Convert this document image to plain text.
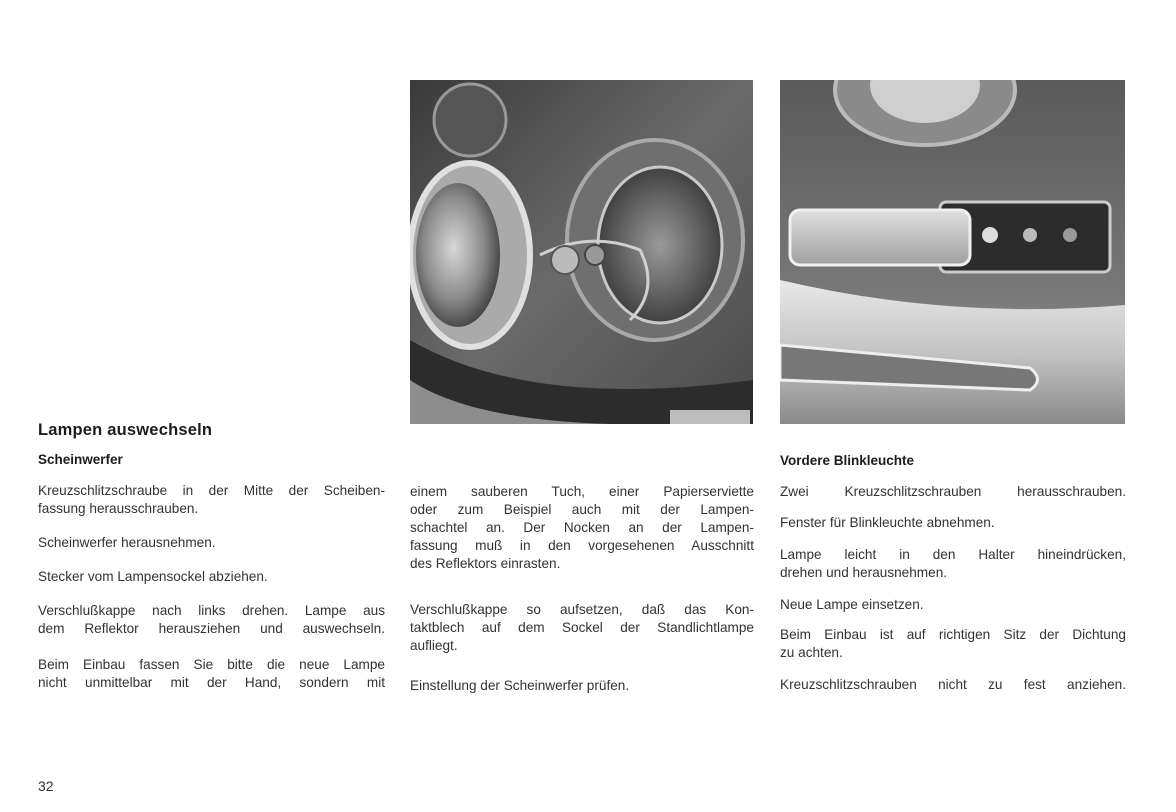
Lampen auswechseln
Scheinwerfer

Kreuzschlitzschraube in der Mitte der Scheiben-

fassung herausschrauben.

Scheinwerfer herausnehmen.

Stecker vom Lampensockel abziehen.

Verschlußkappe nach links drehen. Lampe aus

dem Reflektor herausziehen und auswechseln.

Beim Einbau fassen Sie bitte die neue Lampe

nicht unmittelbar mit der Hand, sondern mit

einem sauberen Tuch, einer Papierserviette

oder zum Beispiel auch mit der Lampen-

schachtel an. Der Nocken an der Lampen-

fassung muß in den vorgesehenen Ausschnitt

des Reflektors einrasten.

Verschlußkappe so aufsetzen, daß das Kon-

taktblech auf dem Sockel der Standlichtlampe

aufliegt.

Einstellung der Scheinwerfer prüfen.

Vordere Blinkleuchte

Zwei Kreuzschlitzschrauben herausschrauben.

Fenster für Blinkleuchte abnehmen.

Lampe leicht in den Halter hineindrücken,

drehen und herausnehmen.

Neue Lampe einsetzen.

Beim Einbau ist auf richtigen Sitz der Dichtung

zu achten.

Kreuzschlitzschrauben nicht zu fest anziehen.

32
